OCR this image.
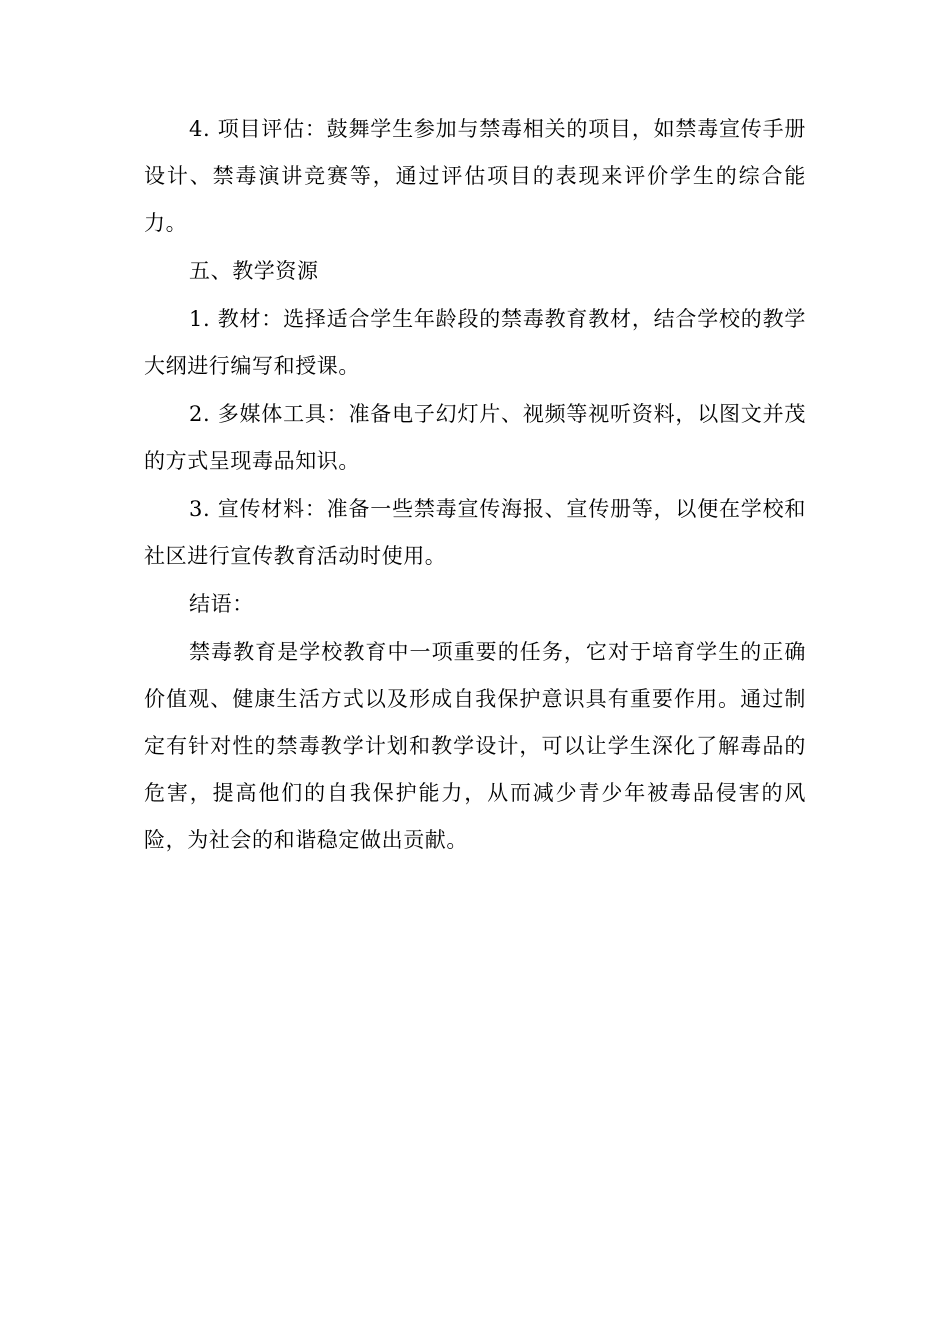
4. 项目评估：鼓舞学生参加与禁毒相关的项目，如禁毒宣传手册设计、禁毒演讲竞赛等，通过评估项目的表现来评价学生的综合能力。

五、教学资源

1. 教材：选择适合学生年龄段的禁毒教育教材，结合学校的教学大纲进行编写和授课。

2. 多媒体工具：准备电子幻灯片、视频等视听资料，以图文并茂的方式呈现毒品知识。

3. 宣传材料：准备一些禁毒宣传海报、宣传册等，以便在学校和社区进行宣传教育活动时使用。

结语：

禁毒教育是学校教育中一项重要的任务，它对于培育学生的正确价值观、健康生活方式以及形成自我保护意识具有重要作用。通过制定有针对性的禁毒教学计划和教学设计，可以让学生深化了解毒品的危害，提高他们的自我保护能力，从而减少青少年被毒品侵害的风险，为社会的和谐稳定做出贡献。
